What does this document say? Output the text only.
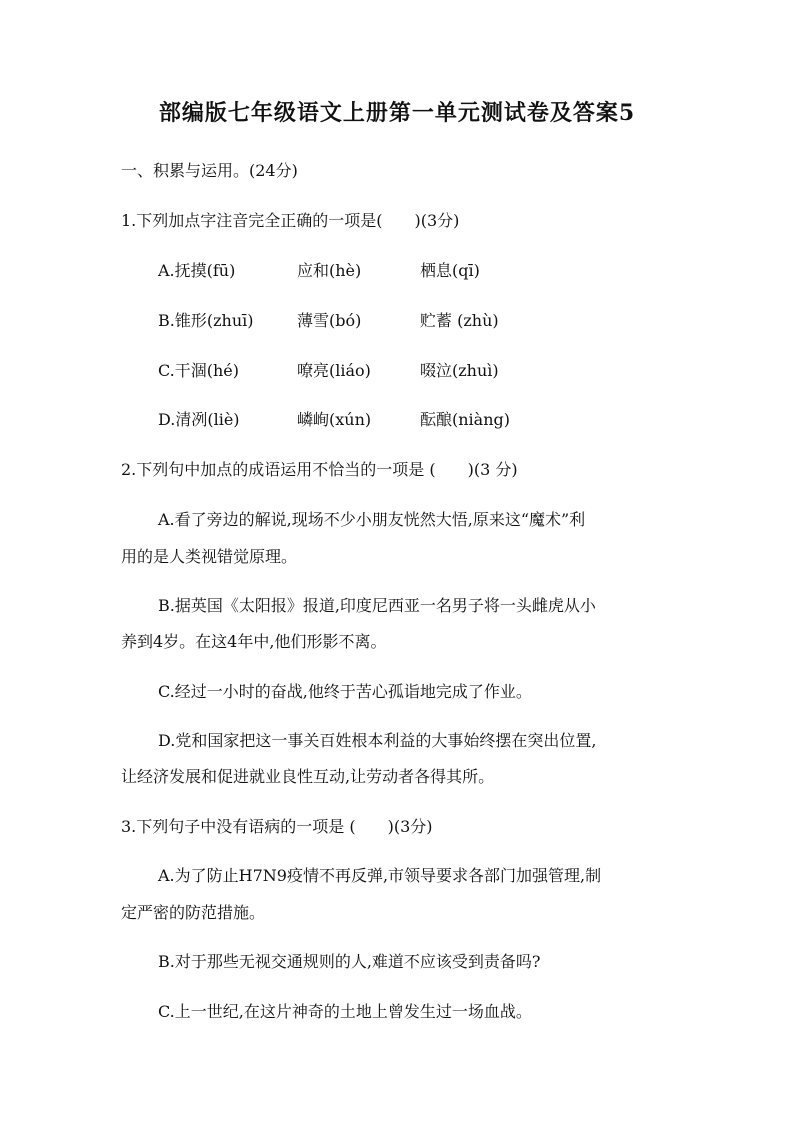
部编版七年级语文上册第一单元测试卷及答案5
一、积累与运用。(24分)
1.下列加点字注音完全正确的一项是(　　)(3分)
A.抚摸(fū)	应和(hè)	栖息(qī)
B.锥形(zhuī)	薄雪(bó)	贮蓄 (zhù)
C.干涸(hé)	嘹亮(liáo)	啜泣(zhuì)
D.清冽(liè)	嶙峋(xún)	酝酿(niàng)
2.下列句中加点的成语运用不恰当的一项是 (　　)(3 分)
A.看了旁边的解说,现场不少小朋友恍然大悟,原来这“魔术”利
用的是人类视错觉原理。
B.据英国《太阳报》报道,印度尼西亚一名男子将一头雌虎从小
养到4岁。在这4年中,他们形影不离。
C.经过一小时的奋战,他终于苦心孤诣地完成了作业。
D.党和国家把这一事关百姓根本利益的大事始终摆在突出位置,
让经济发展和促进就业良性互动,让劳动者各得其所。
3.下列句子中没有语病的一项是 (　　)(3分)
A.为了防止H7N9疫情不再反弹,市领导要求各部门加强管理,制
定严密的防范措施。
B.对于那些无视交通规则的人,难道不应该受到责备吗?
C.上一世纪,在这片神奇的土地上曾发生过一场血战。
